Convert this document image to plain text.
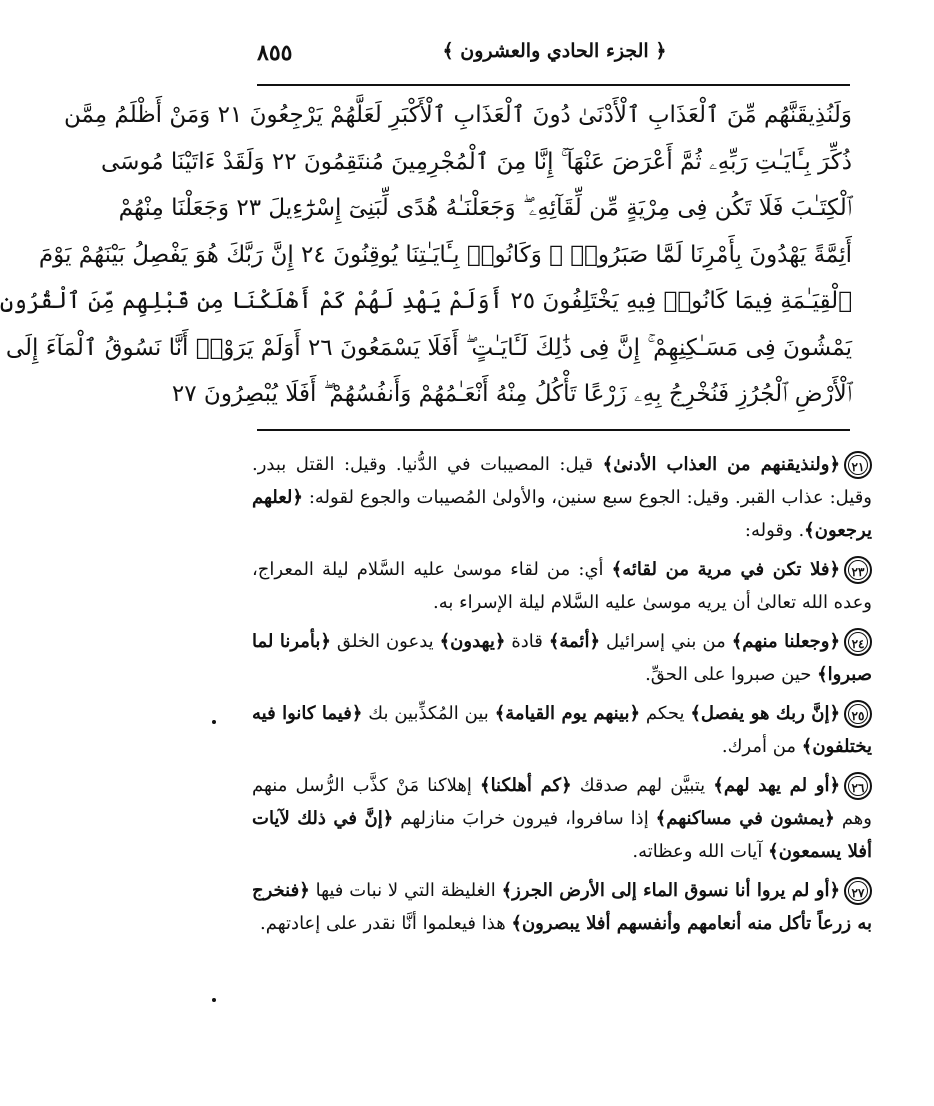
﴿ الجزء الحادي والعشرون ﴾
٨٥٥
وَلَنُذِيقَنَّهُم مِّنَ ٱلْعَذَابِ ٱلْأَدْنَىٰ دُونَ ٱلْعَذَابِ ٱلْأَكْبَرِ لَعَلَّهُمْ يَرْجِعُونَ ٢١ وَمَنْ أَظْلَمُ مِمَّن
ذُكِّرَ بِـَٔايَـٰتِ رَبِّهِۦ ثُمَّ أَعْرَضَ عَنْهَآ ۚ إِنَّا مِنَ ٱلْمُجْرِمِينَ مُنتَقِمُونَ ٢٢ وَلَقَدْ ءَاتَيْنَا مُوسَى
ٱلْكِتَـٰبَ فَلَا تَكُن فِى مِرْيَةٍ مِّن لِّقَآئِهِۦ ۖ وَجَعَلْنَـٰهُ هُدًى لِّبَنِىٓ إِسْرَٰٓءِيلَ ٢٣ وَجَعَلْنَا مِنْهُمْ
أَئِمَّةً يَهْدُونَ بِأَمْرِنَا لَمَّا صَبَرُوا۟ ۖ وَكَانُوا۟ بِـَٔايَـٰتِنَا يُوقِنُونَ ٢٤ إِنَّ رَبَّكَ هُوَ يَفْصِلُ بَيْنَهُمْ يَوْمَ
ٱلْقِيَـٰمَةِ فِيمَا كَانُوا۟ فِيهِ يَخْتَلِفُونَ ٢٥ أَوَلَمْ يَهْدِ لَهُمْ كَمْ أَهْلَكْنَا مِن قَبْلِهِم مِّنَ ٱلْقُرُونِ
يَمْشُونَ فِى مَسَـٰكِنِهِمْ ۚ إِنَّ فِى ذَٰلِكَ لَـَٔايَـٰتٍ ۖ أَفَلَا يَسْمَعُونَ ٢٦ أَوَلَمْ يَرَوْا۟ أَنَّا نَسُوقُ ٱلْمَآءَ إِلَى
ٱلْأَرْضِ ٱلْجُرُزِ فَنُخْرِجُ بِهِۦ زَرْعًا تَأْكُلُ مِنْهُ أَنْعَـٰمُهُمْ وَأَنفُسُهُمْ ۖ أَفَلَا يُبْصِرُونَ ٢٧
٢١﴿ولنذيقنهم من العذاب الأدنىٰ﴾ قيل: المصيبات في الدُّنيا. وقيل: القتل ببدر. وقيل: عذاب القبر. وقيل: الجوع سبع سنين، والأولىٰ المُصيبات والجوع لقوله: ﴿لعلهم يرجعون﴾. وقوله:
٢٣﴿فلا تكن في مرية من لقائه﴾ أي: من لقاء موسىٰ عليه السَّلام ليلة المعراج، وعده الله تعالىٰ أن يريه موسىٰ عليه السَّلام ليلة الإسراء به.
٢٤﴿وجعلنا منهم﴾ من بني إسرائيل ﴿أئمة﴾ قادة ﴿يهدون﴾ يدعون الخلق ﴿بأمرنا لما صبروا﴾ حين صبروا على الحقِّ.
٢٥﴿إنَّ ربك هو يفصل﴾ يحكم ﴿بينهم يوم القيامة﴾ بين المُكذِّبين بك ﴿فيما كانوا فيه يختلفون﴾ من أمرك.
٢٦﴿أو لم يهد لهم﴾ يتبيَّن لهم صدقك ﴿كم أهلكنا﴾ إهلاكنا مَنْ كذَّب الرُّسل منهم وهم ﴿يمشون في مساكنهم﴾ إذا سافروا، فيرون خرابَ منازلهم ﴿إنَّ في ذلك لآيات أفلا يسمعون﴾ آيات الله وعظاته.
٢٧﴿أو لم يروا أنا نسوق الماء إلى الأرض الجرز﴾ الغليظة التي لا نبات فيها ﴿فنخرج به زرعاً تأكل منه أنعامهم وأنفسهم أفلا يبصرون﴾ هذا فيعلموا أنَّا نقدر على إعادتهم.
